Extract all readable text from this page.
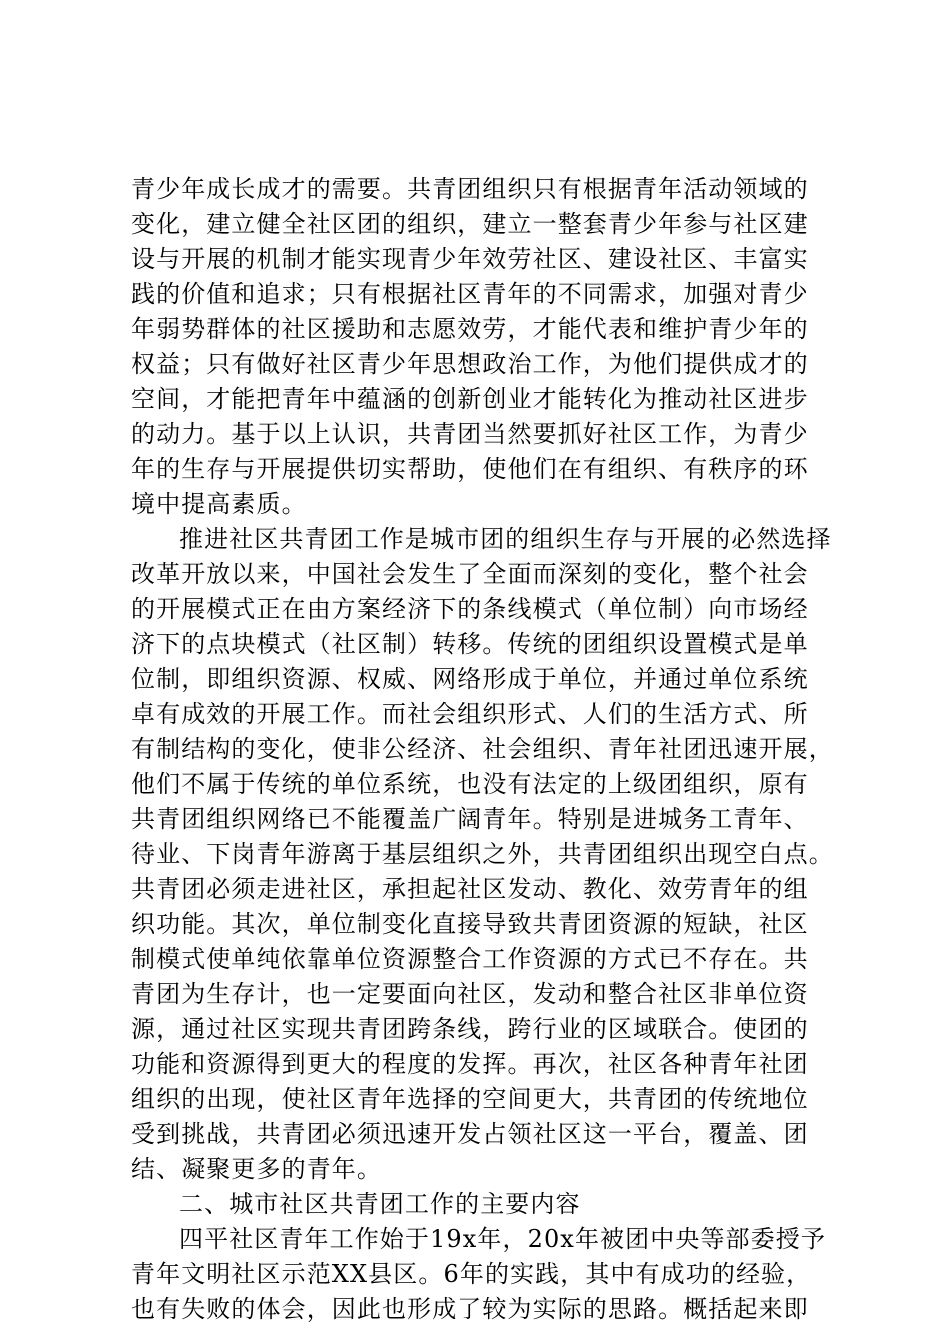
青少年成长成才的需要。共青团组织只有根据青年活动领域的
变化，建立健全社区团的组织，建立一整套青少年参与社区建
设与开展的机制才能实现青少年效劳社区、建设社区、丰富实
践的价值和追求；只有根据社区青年的不同需求，加强对青少
年弱势群体的社区援助和志愿效劳，才能代表和维护青少年的
权益；只有做好社区青少年思想政治工作，为他们提供成才的
空间，才能把青年中蕴涵的创新创业才能转化为推动社区进步
的动力。基于以上认识，共青团当然要抓好社区工作，为青少
年的生存与开展提供切实帮助，使他们在有组织、有秩序的环
境中提高素质。
推进社区共青团工作是城市团的组织生存与开展的必然选择
改革开放以来，中国社会发生了全面而深刻的变化，整个社会
的开展模式正在由方案经济下的条线模式（单位制）向市场经
济下的点块模式（社区制）转移。传统的团组织设置模式是单
位制，即组织资源、权威、网络形成于单位，并通过单位系统
卓有成效的开展工作。而社会组织形式、人们的生活方式、所
有制结构的变化，使非公经济、社会组织、青年社团迅速开展，
他们不属于传统的单位系统，也没有法定的上级团组织，原有
共青团组织网络已不能覆盖广阔青年。特别是进城务工青年、
待业、下岗青年游离于基层组织之外，共青团组织出现空白点。
共青团必须走进社区，承担起社区发动、教化、效劳青年的组
织功能。其次，单位制变化直接导致共青团资源的短缺，社区
制模式使单纯依靠单位资源整合工作资源的方式已不存在。共
青团为生存计，也一定要面向社区，发动和整合社区非单位资
源，通过社区实现共青团跨条线，跨行业的区域联合。使团的
功能和资源得到更大的程度的发挥。再次，社区各种青年社团
组织的出现，使社区青年选择的空间更大，共青团的传统地位
受到挑战，共青团必须迅速开发占领社区这一平台，覆盖、团
结、凝聚更多的青年。
二、城市社区共青团工作的主要内容
四平社区青年工作始于19x年，20x年被团中央等部委授予
青年文明社区示范XX县区。6年的实践，其中有成功的经验，
也有失败的体会，因此也形成了较为实际的思路。概括起来即
